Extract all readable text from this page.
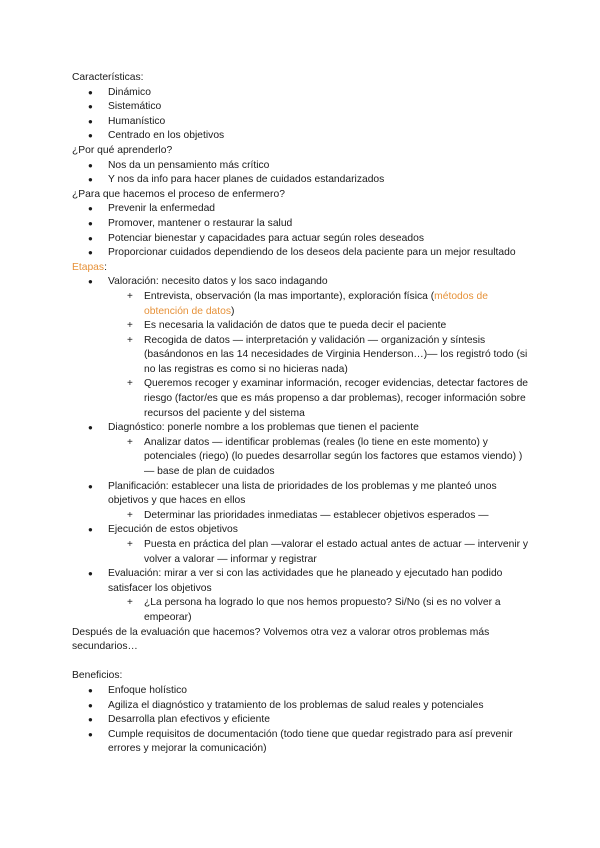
Características:

● Dinámico
● Sistemático
● Humanístico
● Centrado en los objetivos

¿Por qué aprenderlo?

● Nos da un pensamiento más crítico
● Y nos da info para hacer planes de cuidados estandarizados

¿Para que hacemos el proceso de enfermero?

● Prevenir la enfermedad
● Promover, mantener o restaurar la salud
● Potenciar bienestar y capacidades para actuar según roles deseados
● Proporcionar cuidados dependiendo de los deseos dela paciente para un mejor resultado

Etapas:

● Valoración: necesito datos y los saco indagando
+ Entrevista, observación (la mas importante), exploración física (métodos de obtención de datos)
+ Es necesaria la validación de datos que te pueda decir el paciente
+ Recogida de datos — interpretación y validación — organización y síntesis (basándonos en las 14 necesidades de Virginia Henderson…)— los registró todo (si no las registras es como si no hicieras nada)
+ Queremos recoger y examinar información, recoger evidencias, detectar factores de riesgo (factor/es que es más propenso a dar problemas), recoger información sobre recursos del paciente y del sistema
● Diagnóstico: ponerle nombre a los problemas que tienen el paciente
+ Analizar datos — identificar problemas (reales (lo tiene en este momento) y potenciales (riego) (lo puedes desarrollar según los factores que estamos viendo) ) — base de plan de cuidados
● Planificación: establecer una lista de prioridades de los problemas y me planteó unos objetivos y que haces en ellos
+ Determinar las prioridades inmediatas — establecer objetivos esperados —
● Ejecución de estos objetivos
+ Puesta en práctica del plan —valorar el estado actual antes de actuar — intervenir y volver a valorar — informar y registrar
● Evaluación: mirar a ver si con las actividades que he planeado y ejecutado han podido satisfacer los objetivos
+ ¿La persona ha logrado lo que nos hemos propuesto? Si/No (si es no volver a empeorar)

Después de la evaluación que hacemos? Volvemos otra vez a valorar otros problemas más secundarios…

Beneficios:

● Enfoque holístico
● Agiliza el diagnóstico y tratamiento de los problemas de salud reales y potenciales
● Desarrolla plan efectivos y eficiente
● Cumple requisitos de documentación (todo tiene que quedar registrado para así prevenir errores y mejorar la comunicación)
